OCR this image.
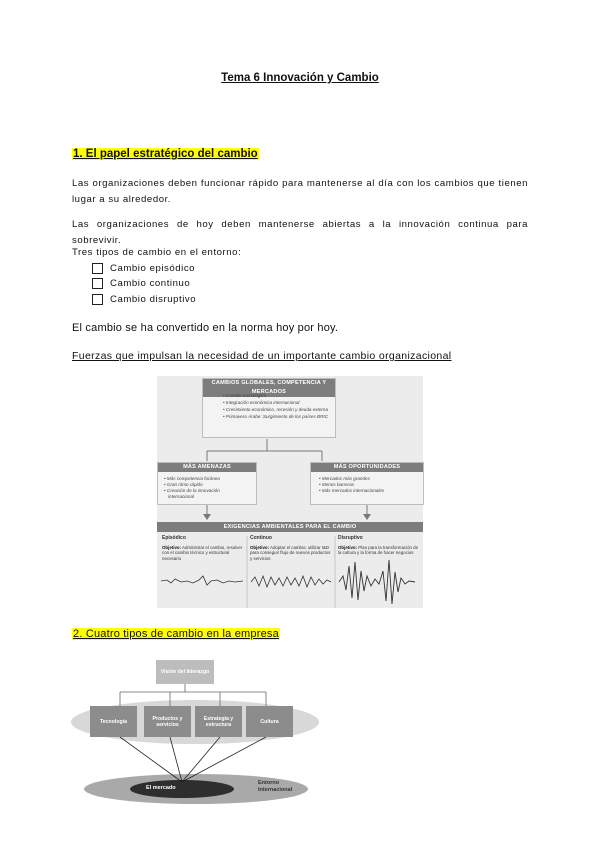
Tema 6 Innovación y Cambio
1. El papel estratégico del cambio
Las organizaciones deben funcionar rápido para mantenerse al día con los cambios que tienen lugar a su alrededor.
Las organizaciones de hoy deben mantenerse abiertas a la innovación continua para sobrevivir.
Tres tipos de cambio en el entorno:
Cambio episódico
Cambio continuo
Cambio disruptivo
El cambio se ha convertido en la norma hoy por hoy.
Fuerzas que impulsan la necesidad de un importante cambio organizacional
CAMBIOS GLOBALES, COMPETENCIA Y MERCADOS
• Cambio tecnológico
• Integración económica internacional
• Crecimiento económico, recesión y deuda externa
• Primavera Árabe: Surgimiento de los países BRIC
MÁS AMENAZAS
• Más competencia foránea
• Gran ritmo rápido
• Creación de la innovación
internacional
MÁS OPORTUNIDADES
• Mercados más grandes
• Menos barreras
• Más mercados internacionales
EXIGENCIAS AMBIENTALES PARA EL CAMBIO
Episódico
Objetivo: Administrar el cambio, resolver con el cambio técnico y estructural necesario
Continuo
Objetivo: Adoptar el cambio; utilizar I&D para conseguir flujo de nuevos productos y servicios
Disruptivo
Objetivo: Plan para la transformación de la cultura y la forma de hacer negocios
2. Cuatro tipos de cambio en la empresa
Visión del liderazgo
Tecnología	Productos y servicios
Estrategia y estructura	Cultura
El mercado
Entorno Internacional
